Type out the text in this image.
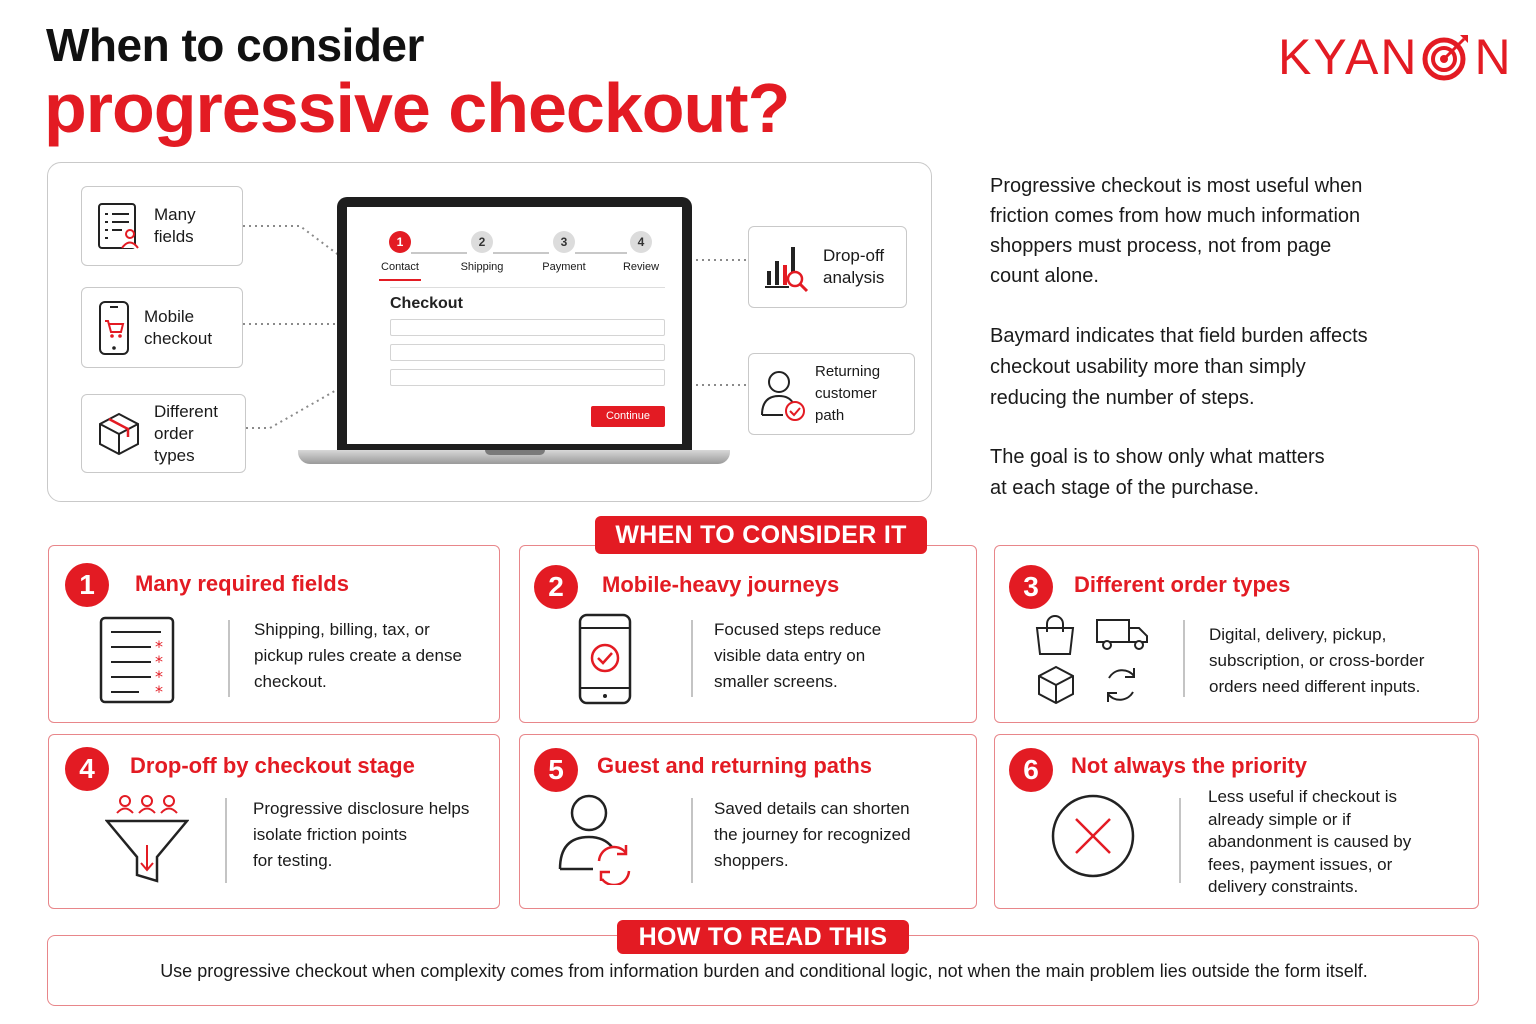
When to consider
progressive checkout?
KYAN N
Many
fields
Mobile
checkout
Different
order types
Drop-off
analysis
Returning
customer path
1
Contact
2
Shipping
3
Payment
4
Review
Checkout
Continue
Progressive checkout is most useful when
friction comes from how much information
shoppers must process, not from page
count alone.
Baymard indicates that field burden affects
checkout usability more than simply
reducing the number of steps.
The goal is to show only what matters
at each stage of the purchase.
1	Many required fields
*
*
*
*
Shipping, billing, tax, or
pickup rules create a dense
checkout.
2	Mobile-heavy journeys
Focused steps reduce
visible data entry on
smaller screens.
3	Different order types
Digital, delivery, pickup,
subscription, or cross-border
orders need different inputs.
4	Drop-off by checkout stage
Progressive disclosure helps
isolate friction points
for testing.
5	Guest and returning paths
Saved details can shorten
the journey for recognized
shoppers.
6	Not always the priority
Less useful if checkout is
already simple or if
abandonment is caused by
fees, payment issues, or
delivery constraints.
WHEN TO CONSIDER IT
Use progressive checkout when complexity comes from information burden and conditional logic, not when the main problem lies outside the form itself.
HOW TO READ THIS
